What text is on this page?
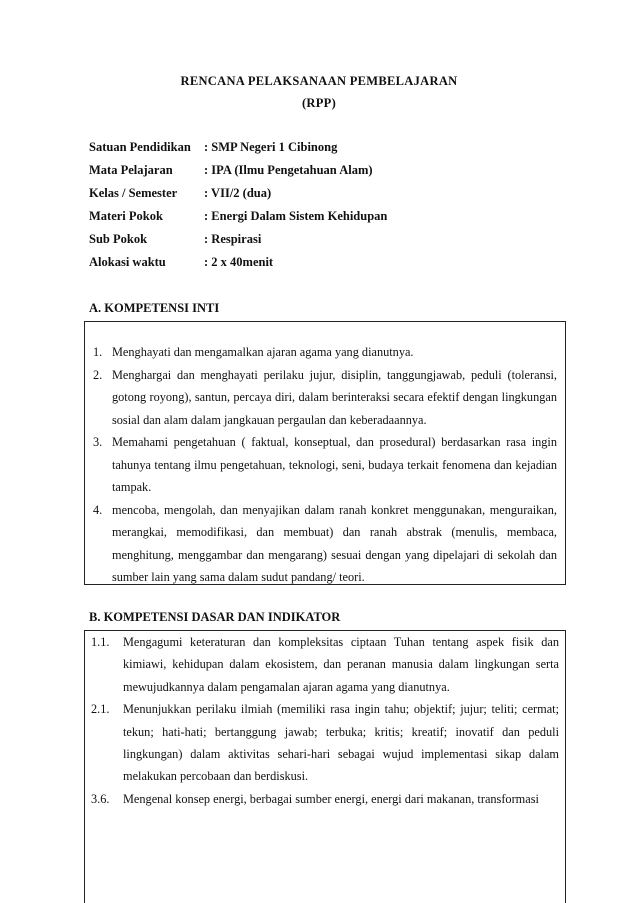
RENCANA PELAKSANAAN PEMBELAJARAN
(RPP)
Satuan Pendidikan	: SMP Negeri 1 Cibinong
Mata Pelajaran	: IPA (Ilmu Pengetahuan Alam)
Kelas / Semester	: VII/2 (dua)
Materi Pokok	: Energi Dalam Sistem Kehidupan
Sub Pokok	: Respirasi
Alokasi waktu	: 2 x 40menit
A. KOMPETENSI INTI
1. Menghayati dan mengamalkan ajaran agama yang dianutnya.
2. Menghargai dan menghayati perilaku jujur, disiplin, tanggungjawab, peduli (toleransi, gotong royong), santun, percaya diri, dalam berinteraksi secara efektif dengan lingkungan sosial dan alam dalam jangkauan pergaulan dan keberadaannya.
3. Memahami pengetahuan ( faktual, konseptual, dan prosedural) berdasarkan rasa ingin tahunya tentang ilmu pengetahuan, teknologi, seni, budaya terkait fenomena dan kejadian tampak.
4. mencoba, mengolah, dan menyajikan dalam ranah konkret menggunakan, menguraikan, merangkai, memodifikasi, dan membuat) dan ranah abstrak (menulis, membaca, menghitung, menggambar dan mengarang) sesuai dengan yang dipelajari di sekolah dan sumber lain yang sama dalam sudut pandang/ teori.
B. KOMPETENSI DASAR DAN INDIKATOR
1.1.	Mengagumi keteraturan dan kompleksitas ciptaan Tuhan tentang aspek fisik dan kimiawi, kehidupan dalam ekosistem, dan peranan manusia dalam lingkungan serta mewujudkannya dalam pengamalan ajaran agama yang dianutnya.
2.1.	Menunjukkan perilaku ilmiah (memiliki rasa ingin tahu; objektif; jujur; teliti; cermat; tekun; hati-hati; bertanggung jawab; terbuka; kritis; kreatif; inovatif dan peduli lingkungan) dalam aktivitas sehari-hari sebagai wujud implementasi sikap dalam melakukan percobaan dan berdiskusi.
3.6.	Mengenal konsep energi, berbagai sumber energi, energi dari makanan, transformasi
